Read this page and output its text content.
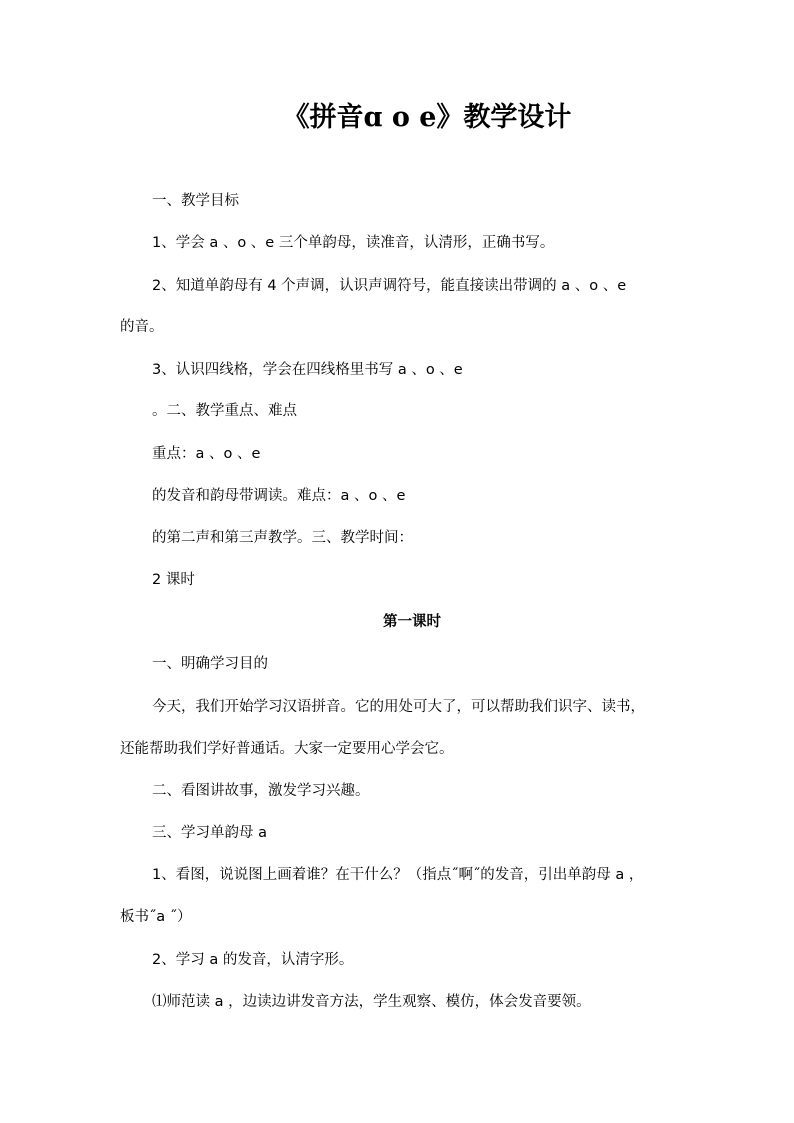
《拼音ɑ o e》教学设计
一、教学目标
1、学会 a 、o 、e 三个单韵母，读准音，认清形，正确书写。
2、知道单韵母有 4 个声调，认识声调符号，能直接读出带调的 a 、o 、e
的音。
3、认识四线格，学会在四线格里书写 a 、o 、e
。二、教学重点、难点
重点：a 、o 、e
的发音和韵母带调读。难点：a 、o 、e
的第二声和第三声教学。三、教学时间：
2 课时
第一课时
一、明确学习目的
今天，我们开始学习汉语拼音。它的用处可大了，可以帮助我们识字、读书，
还能帮助我们学好普通话。大家一定要用心学会它。
二、看图讲故事，激发学习兴趣。
三、学习单韵母 a
1、看图，说说图上画着谁？在干什么？（指点˝啊˝的发音，引出单韵母 a ，
板书˝a ˝）
2、学习 a 的发音，认清字形。
⑴师范读 a ，边读边讲发音方法，学生观察、模仿，体会发音要领。
